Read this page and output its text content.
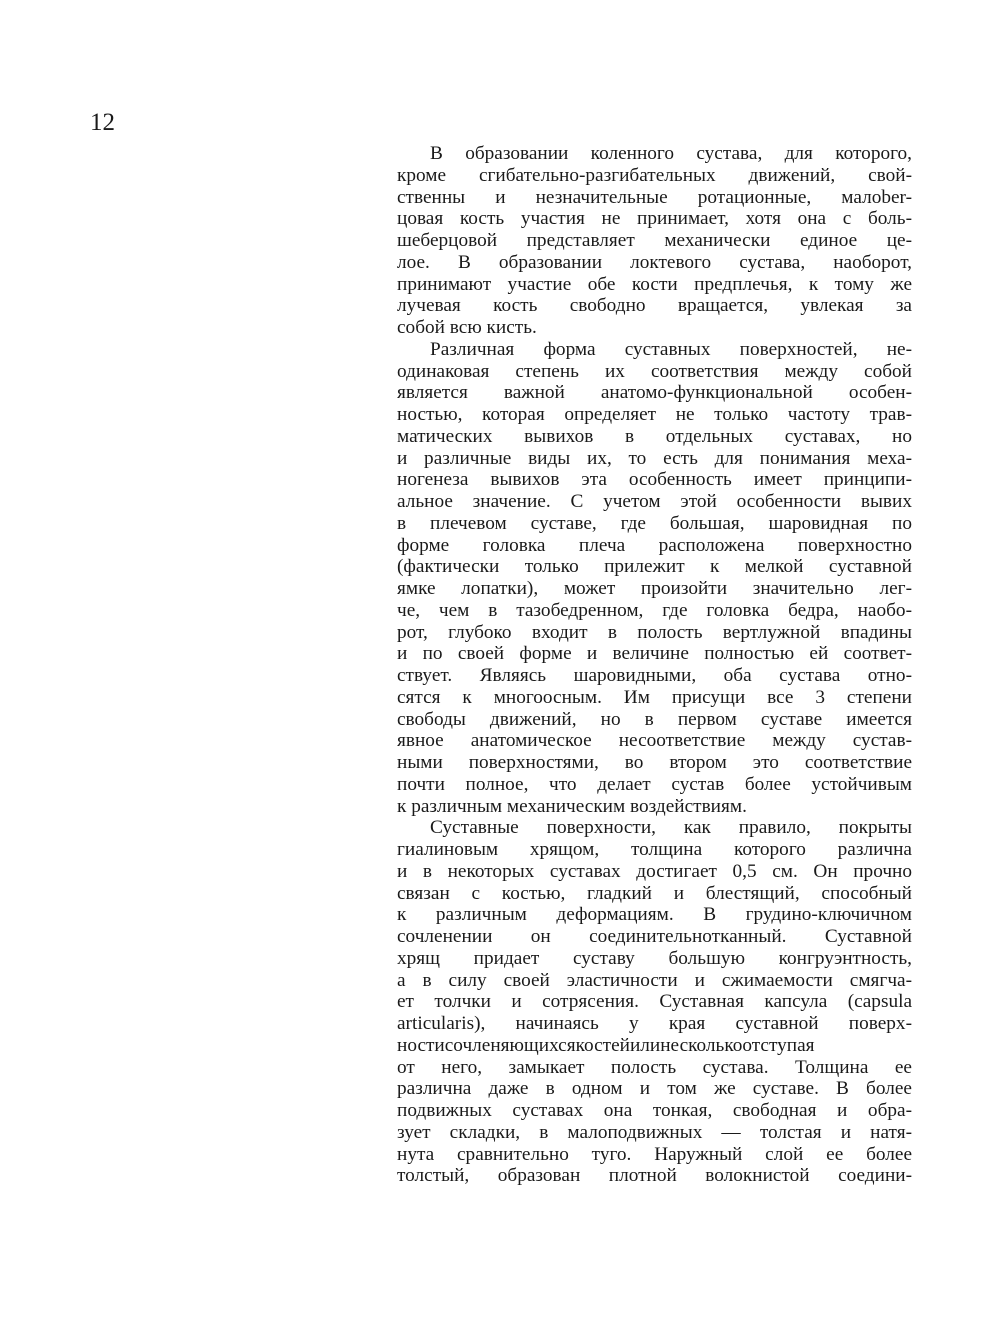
12
В образовании коленного сустава, для которого,
кроме сгибательно-разгибательных движений, свой-
ственны и незначительные ротационные, малober-
цовая кость участия не принимает, хотя она с боль-
шеберцовой представляет механически единое це-
лое. В образовании локтевого сустава, наоборот,
принимают участие обе кости предплечья, к тому же
лучевая кость свободно вращается, увлекая за
собой всю кисть.
Различная форма суставных поверхностей, не-
одинаковая степень их соответствия между собой
является важной анатомо-функциональной особен-
ностью, которая определяет не только частоту трав-
матических вывихов в отдельных суставах, но
и различные виды их, то есть для понимания меха-
ногенеза вывихов эта особенность имеет принципи-
альное значение. С учетом этой особенности вывих
в плечевом суставе, где большая, шаровидная по
форме головка плеча расположена поверхностно
(фактически только прилежит к мелкой суставной
ямке лопатки), может произойти значительно лег-
че, чем в тазобедренном, где головка бедра, наобо-
рот, глубоко входит в полость вертлужной впадины
и по своей форме и величине полностью ей соответ-
ствует. Являясь шаровидными, оба сустава отно-
сятся к многоосным. Им присущи все 3 степени
свободы движений, но в первом суставе имеется
явное анатомическое несоответствие между сустав-
ными поверхностями, во втором это соответствие
почти полное, что делает сустав более устойчивым
к различным механическим воздействиям.
Суставные поверхности, как правило, покрыты
гиалиновым хрящом, толщина которого различна
и в некоторых суставах достигает 0,5 см. Он прочно
связан с костью, гладкий и блестящий, способный
к различным деформациям. В грудино-ключичном
сочленении он соединительнотканный. Суставной
хрящ придает суставу большую конгруэнтность,
а в силу своей эластичности и сжимаемости смягча-
ет толчки и сотрясения. Суставная капсула (capsula
articularis), начинаясь у края суставной поверх-
ностисочленяющихсякостейилинесколькоотступая
от него, замыкает полость сустава. Толщина ее
различна даже в одном и том же суставе. В более
подвижных суставах она тонкая, свободная и обра-
зует складки, в малоподвижных — толстая и натя-
нута сравнительно туго. Наружный слой ее более
толстый, образован плотной волокнистой соедини-
